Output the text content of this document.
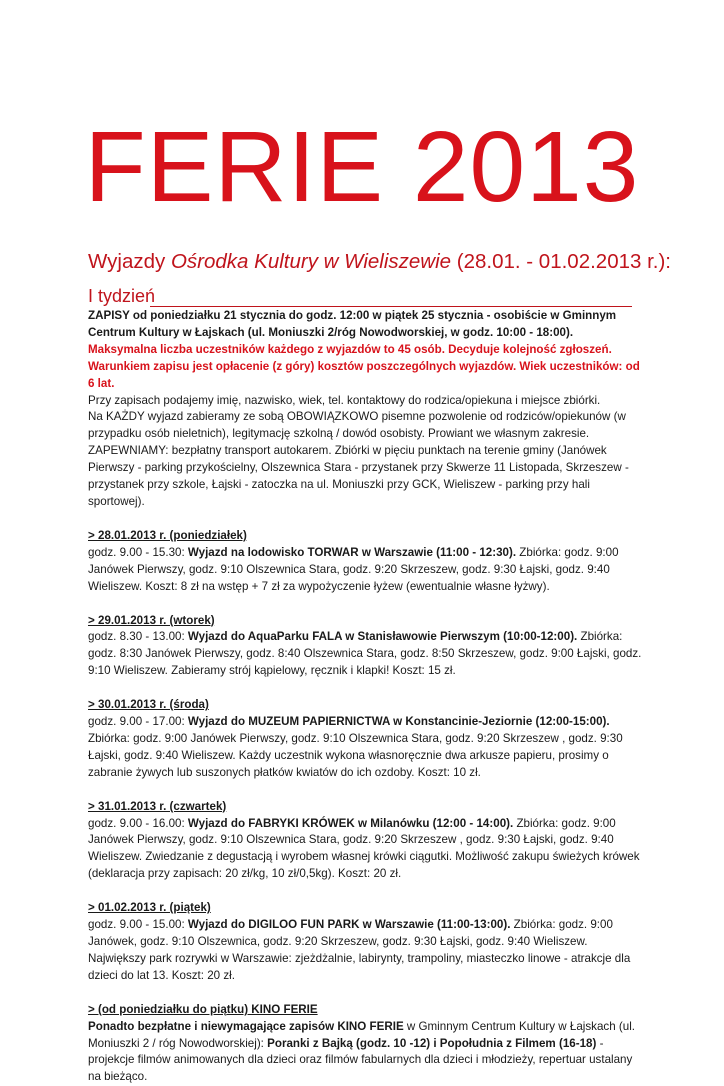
FERIE 2013
Wyjazdy Ośrodka Kultury w Wieliszewie (28.01. - 01.02.2013 r.):
I tydzień

ZAPISY od poniedziałku 21 stycznia do godz. 12:00 w piątek 25 stycznia - osobiście w Gminnym Centrum Kultury w Łajskach (ul. Moniuszki 2/róg Nowodworskiej, w godz. 10:00 - 18:00).

Maksymalna liczba uczestników każdego z wyjazdów to 45 osób. Decyduje kolejność zgłoszeń.

Warunkiem zapisu jest opłacenie (z góry) kosztów poszczególnych wyjazdów. Wiek uczestników: od 6 lat.

Przy zapisach podajemy imię, nazwisko, wiek, tel. kontaktowy do rodzica/opiekuna i miejsce zbiórki.

Na KAŻDY wyjazd zabieramy ze sobą OBOWIĄZKOWO pisemne pozwolenie od rodziców/opiekunów (w przypadku osób nieletnich), legitymację szkolną / dowód osobisty. Prowiant we własnym zakresie.

ZAPEWNIAMY: bezpłatny transport autokarem. Zbiórki w pięciu punktach na terenie gminy (Janówek Pierwszy - parking przykościelny, Olszewnica Stara - przystanek przy Skwerze 11 Listopada, Skrzeszew - przystanek przy szkole, Łajski - zatoczka na ul. Moniuszki przy GCK, Wieliszew - parking przy hali sportowej).

> 28.01.2013 r. (poniedziałek)

godz. 9.00 - 15.30: Wyjazd na lodowisko TORWAR w Warszawie (11:00 - 12:30). Zbiórka: godz. 9:00 Janówek Pierwszy, godz. 9:10 Olszewnica Stara, godz. 9:20 Skrzeszew, godz. 9:30 Łajski, godz. 9:40 Wieliszew. Koszt: 8 zł na wstęp + 7 zł za wypożyczenie łyżew (ewentualnie własne łyżwy).

> 29.01.2013 r. (wtorek)

godz. 8.30 - 13.00: Wyjazd do AquaParku FALA w Stanisławowie Pierwszym (10:00-12:00). Zbiórka: godz. 8:30 Janówek Pierwszy, godz. 8:40 Olszewnica Stara, godz. 8:50 Skrzeszew, godz. 9:00 Łajski, godz. 9:10 Wieliszew. Zabieramy strój kąpielowy, ręcznik i klapki! Koszt: 15 zł.

> 30.01.2013 r. (środa)

godz. 9.00 - 17.00: Wyjazd do MUZEUM PAPIERNICTWA w Konstancinie-Jeziornie (12:00-15:00). Zbiórka: godz. 9:00 Janówek Pierwszy, godz. 9:10 Olszewnica Stara, godz. 9:20 Skrzeszew , godz. 9:30 Łajski, godz. 9:40 Wieliszew. Każdy uczestnik wykona własnoręcznie dwa arkusze papieru, prosimy o zabranie żywych lub suszonych płatków kwiatów do ich ozdoby. Koszt: 10 zł.

> 31.01.2013 r. (czwartek)

godz. 9.00 - 16.00: Wyjazd do FABRYKI KRÓWEK w Milanówku (12:00 - 14:00). Zbiórka: godz. 9:00 Janówek Pierwszy, godz. 9:10 Olszewnica Stara, godz. 9:20 Skrzeszew , godz. 9:30 Łajski, godz. 9:40 Wieliszew. Zwiedzanie z degustacją i wyrobem własnej krówki ciągutki. Możliwość zakupu świeżych krówek (deklaracja przy zapisach: 20 zł/kg, 10 zł/0,5kg). Koszt: 20 zł.

> 01.02.2013 r. (piątek)

godz. 9.00 - 15.00: Wyjazd do DIGILOO FUN PARK w Warszawie (11:00-13:00). Zbiórka: godz. 9:00 Janówek, godz. 9:10 Olszewnica, godz. 9:20 Skrzeszew, godz. 9:30 Łajski, godz. 9:40 Wieliszew. Największy park rozrywki w Warszawie: zjeżdżalnie, labirynty, trampoliny, miasteczko linowe - atrakcje dla dzieci do lat 13. Koszt: 20 zł.

> (od poniedziałku do piątku) KINO FERIE

Ponadto bezpłatne i niewymagające zapisów KINO FERIE w Gminnym Centrum Kultury w Łajskach (ul. Moniuszki 2 / róg Nowodworskiej): Poranki z Bajką (godz. 10 -12) i Popołudnia z Filmem (16-18) - projekcje filmów animowanych dla dzieci oraz filmów fabularnych dla dzieci i młodzieży, repertuar ustalany na bieżąco.
